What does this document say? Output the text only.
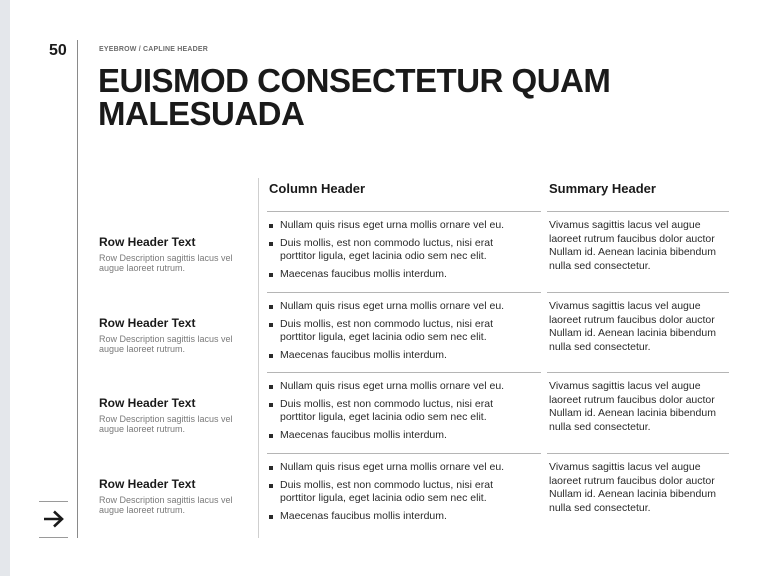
50	EYEBROW / CAPLINE HEADER
EUISMOD CONSECTETUR QUAM MALESUADA
Column Header	Summary Header
Row Header Text
Row Description sagittis lacus vel augue laoreet rutrum.
Nullam quis risus eget urna mollis ornare vel eu.
Duis mollis, est non commodo luctus, nisi erat porttitor ligula, eget lacinia odio sem nec elit.
Maecenas faucibus mollis interdum.
Vivamus sagittis lacus vel augue laoreet rutrum faucibus dolor auctor Nullam id. Aenean lacinia bibendum nulla sed consectetur.
Row Header Text
Row Description sagittis lacus vel augue laoreet rutrum.
Nullam quis risus eget urna mollis ornare vel eu.
Duis mollis, est non commodo luctus, nisi erat porttitor ligula, eget lacinia odio sem nec elit.
Maecenas faucibus mollis interdum.
Vivamus sagittis lacus vel augue laoreet rutrum faucibus dolor auctor Nullam id. Aenean lacinia bibendum nulla sed consectetur.
Row Header Text
Row Description sagittis lacus vel augue laoreet rutrum.
Nullam quis risus eget urna mollis ornare vel eu.
Duis mollis, est non commodo luctus, nisi erat porttitor ligula, eget lacinia odio sem nec elit.
Maecenas faucibus mollis interdum.
Vivamus sagittis lacus vel augue laoreet rutrum faucibus dolor auctor Nullam id. Aenean lacinia bibendum nulla sed consectetur.
Row Header Text
Row Description sagittis lacus vel augue laoreet rutrum.
Nullam quis risus eget urna mollis ornare vel eu.
Duis mollis, est non commodo luctus, nisi erat porttitor ligula, eget lacinia odio sem nec elit.
Maecenas faucibus mollis interdum.
Vivamus sagittis lacus vel augue laoreet rutrum faucibus dolor auctor Nullam id. Aenean lacinia bibendum nulla sed consectetur.
